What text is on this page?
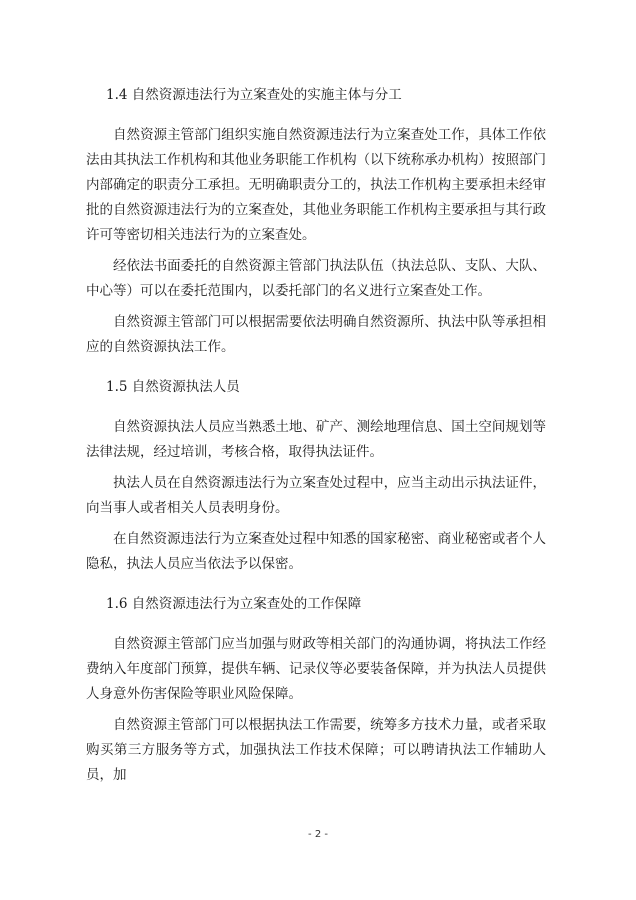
1.4 自然资源违法行为立案查处的实施主体与分工

自然资源主管部门组织实施自然资源违法行为立案查处工作，具体工作依法由其执法工作机构和其他业务职能工作机构（以下统称承办机构）按照部门内部确定的职责分工承担。无明确职责分工的，执法工作机构主要承担未经审批的自然资源违法行为的立案查处，其他业务职能工作机构主要承担与其行政许可等密切相关违法行为的立案查处。

经依法书面委托的自然资源主管部门执法队伍（执法总队、支队、大队、中心等）可以在委托范围内，以委托部门的名义进行立案查处工作。

自然资源主管部门可以根据需要依法明确自然资源所、执法中队等承担相应的自然资源执法工作。

1.5 自然资源执法人员

自然资源执法人员应当熟悉土地、矿产、测绘地理信息、国土空间规划等法律法规，经过培训，考核合格，取得执法证件。

执法人员在自然资源违法行为立案查处过程中，应当主动出示执法证件，向当事人或者相关人员表明身份。

在自然资源违法行为立案查处过程中知悉的国家秘密、商业秘密或者个人隐私，执法人员应当依法予以保密。

1.6 自然资源违法行为立案查处的工作保障

自然资源主管部门应当加强与财政等相关部门的沟通协调，将执法工作经费纳入年度部门预算，提供车辆、记录仪等必要装备保障，并为执法人员提供人身意外伤害保险等职业风险保障。

自然资源主管部门可以根据执法工作需要，统筹多方技术力量，或者采取购买第三方服务等方式，加强执法工作技术保障；可以聘请执法工作辅助人员，加

- 2 -
